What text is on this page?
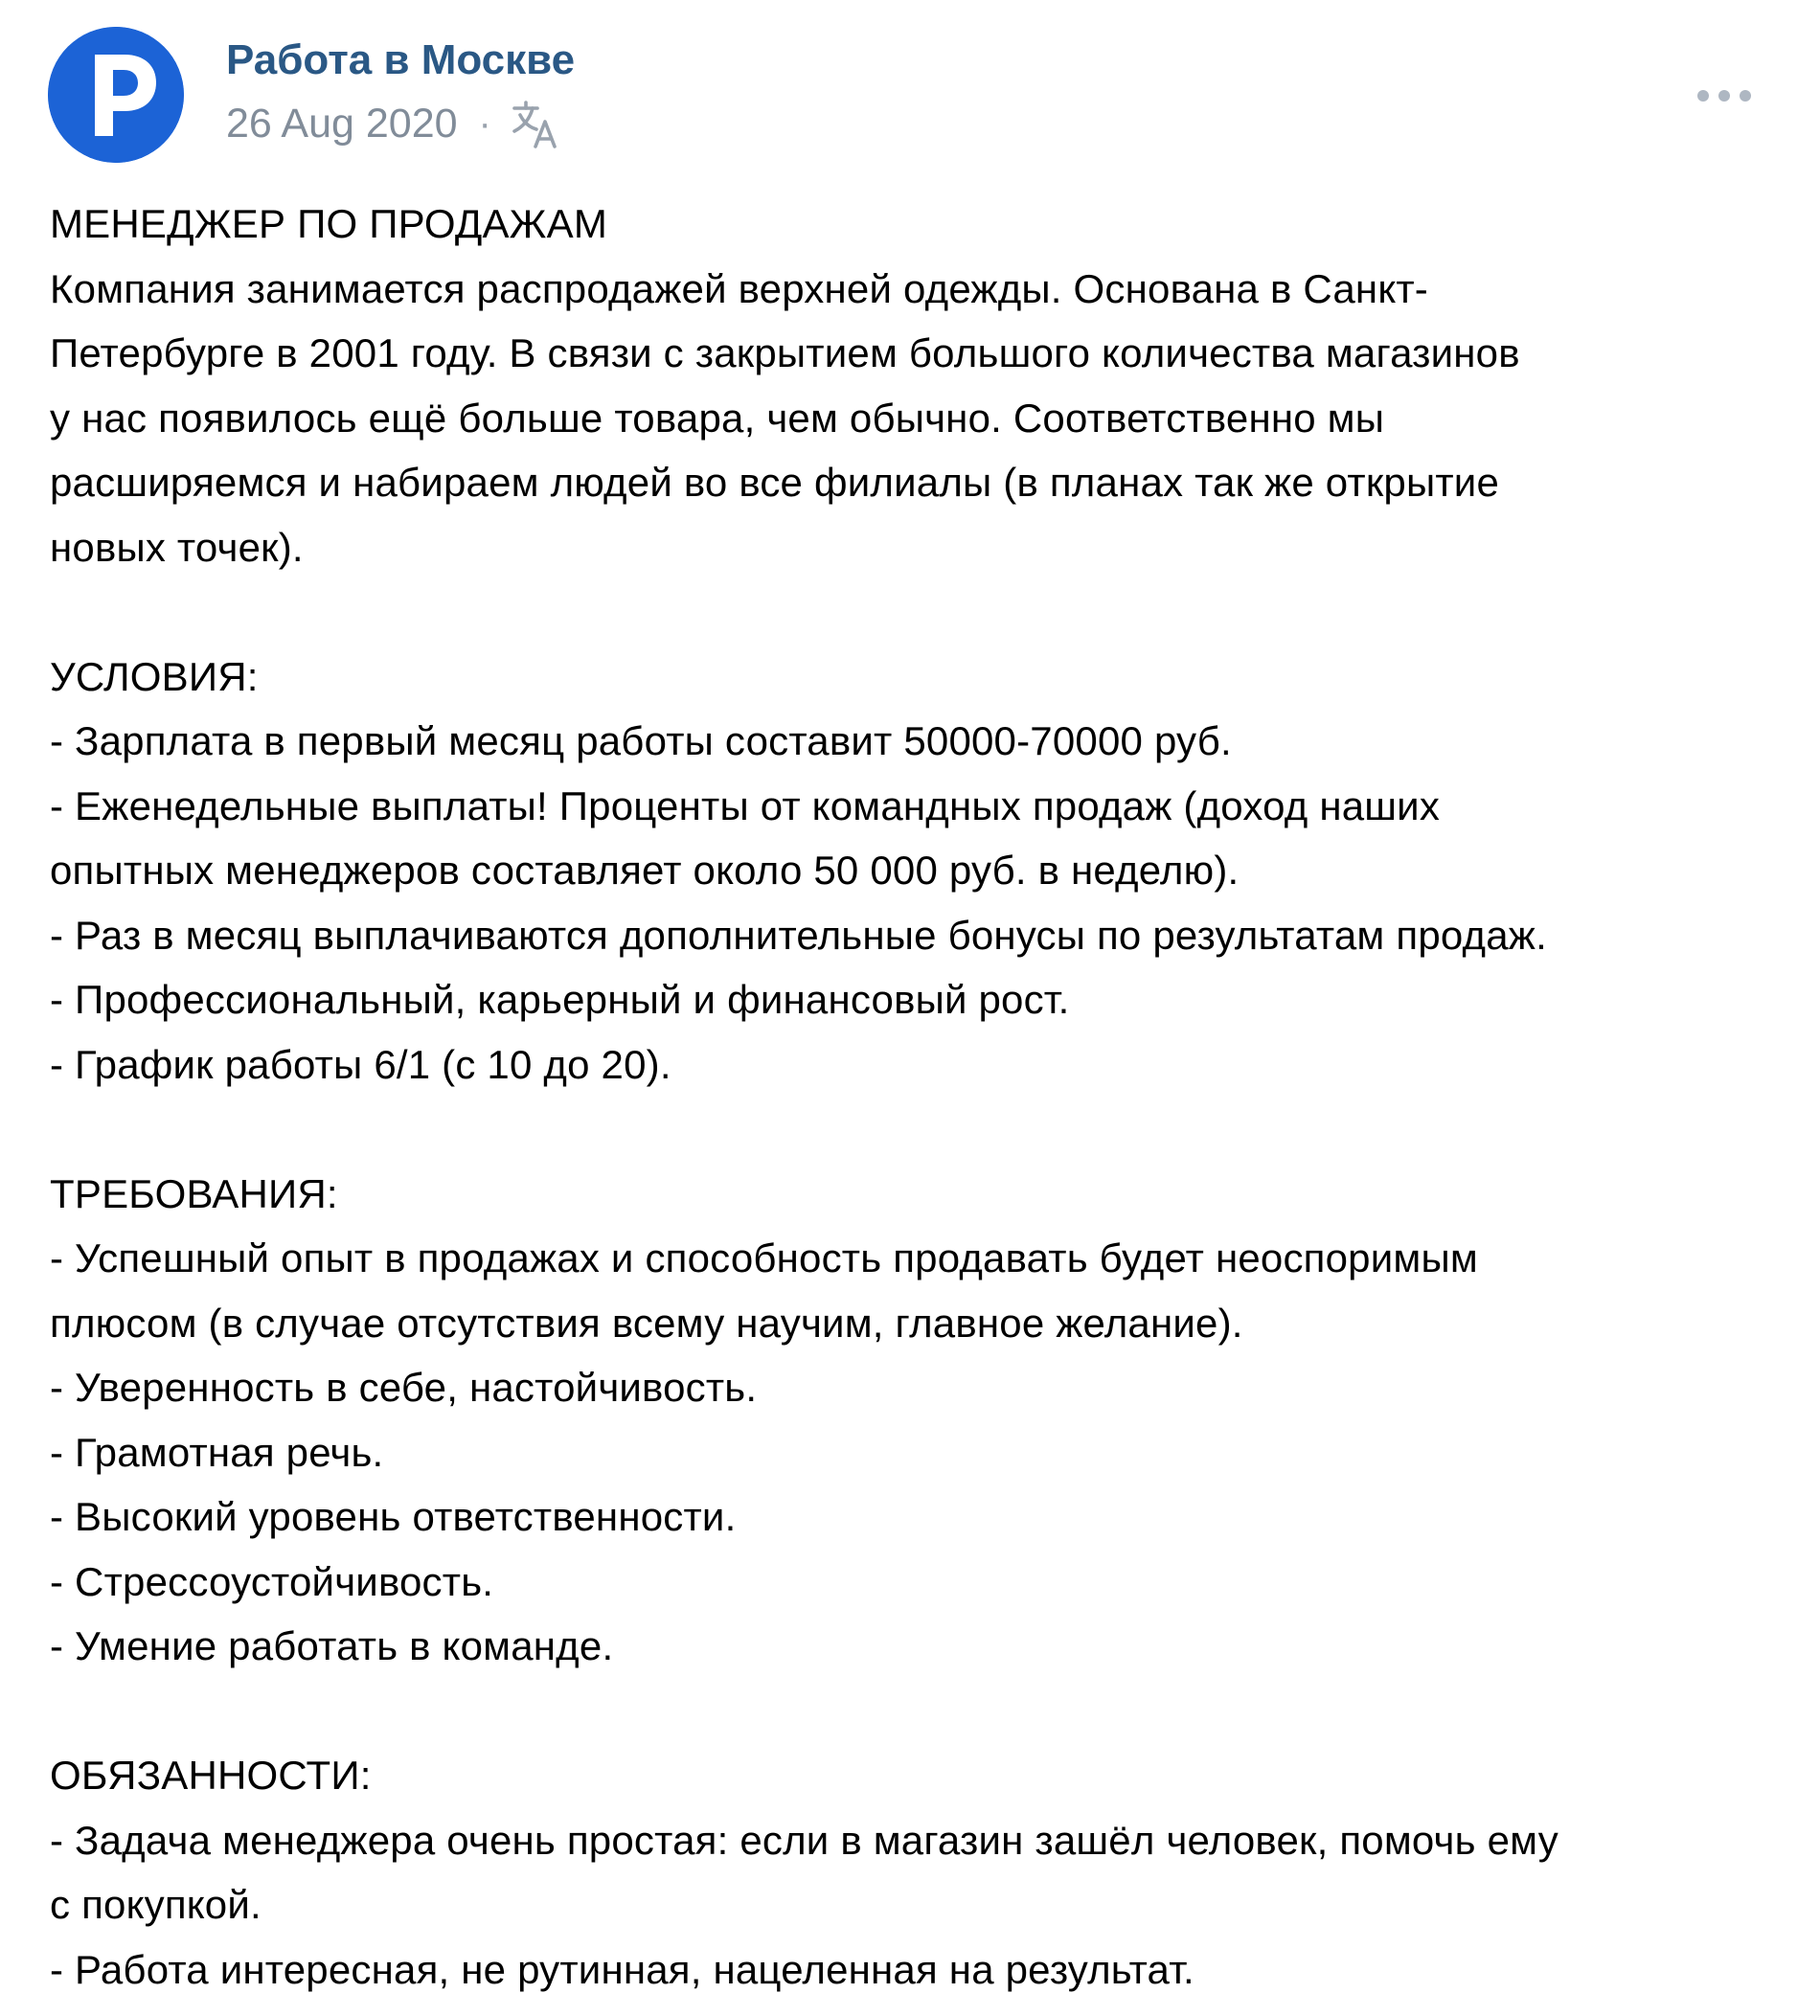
Работа в Москве
26 Aug 2020 ·
МЕНЕДЖЕР ПО ПРОДАЖАМ
Компания занимается распродажей верхней одежды. Основана в Санкт-
Петербурге в 2001 году. В связи с закрытием большого количества магазинов
у нас появилось ещё больше товара, чем обычно. Соответственно мы
расширяемся и набираем людей во все филиалы (в планах так же открытие
новых точек).
УСЛОВИЯ:
- Зарплата в первый месяц работы составит 50000-70000 руб.
- Еженедельные выплаты! Проценты от командных продаж (доход наших
опытных менеджеров составляет около 50 000 руб. в неделю).
- Раз в месяц выплачиваются дополнительные бонусы по результатам продаж.
- Профессиональный, карьерный и финансовый рост.
- График работы 6/1 (с 10 до 20).
ТРЕБОВАНИЯ:
- Успешный опыт в продажах и способность продавать будет неоспоримым
плюсом (в случае отсутствия всему научим, главное желание).
- Уверенность в себе, настойчивость.
- Грамотная речь.
- Высокий уровень ответственности.
- Стрессоустойчивость.
- Умение работать в команде.
ОБЯЗАННОСТИ:
- Задача менеджера очень простая: если в магазин зашёл человек, помочь ему
с покупкой.
- Работа интересная, не рутинная, нацеленная на результат.
